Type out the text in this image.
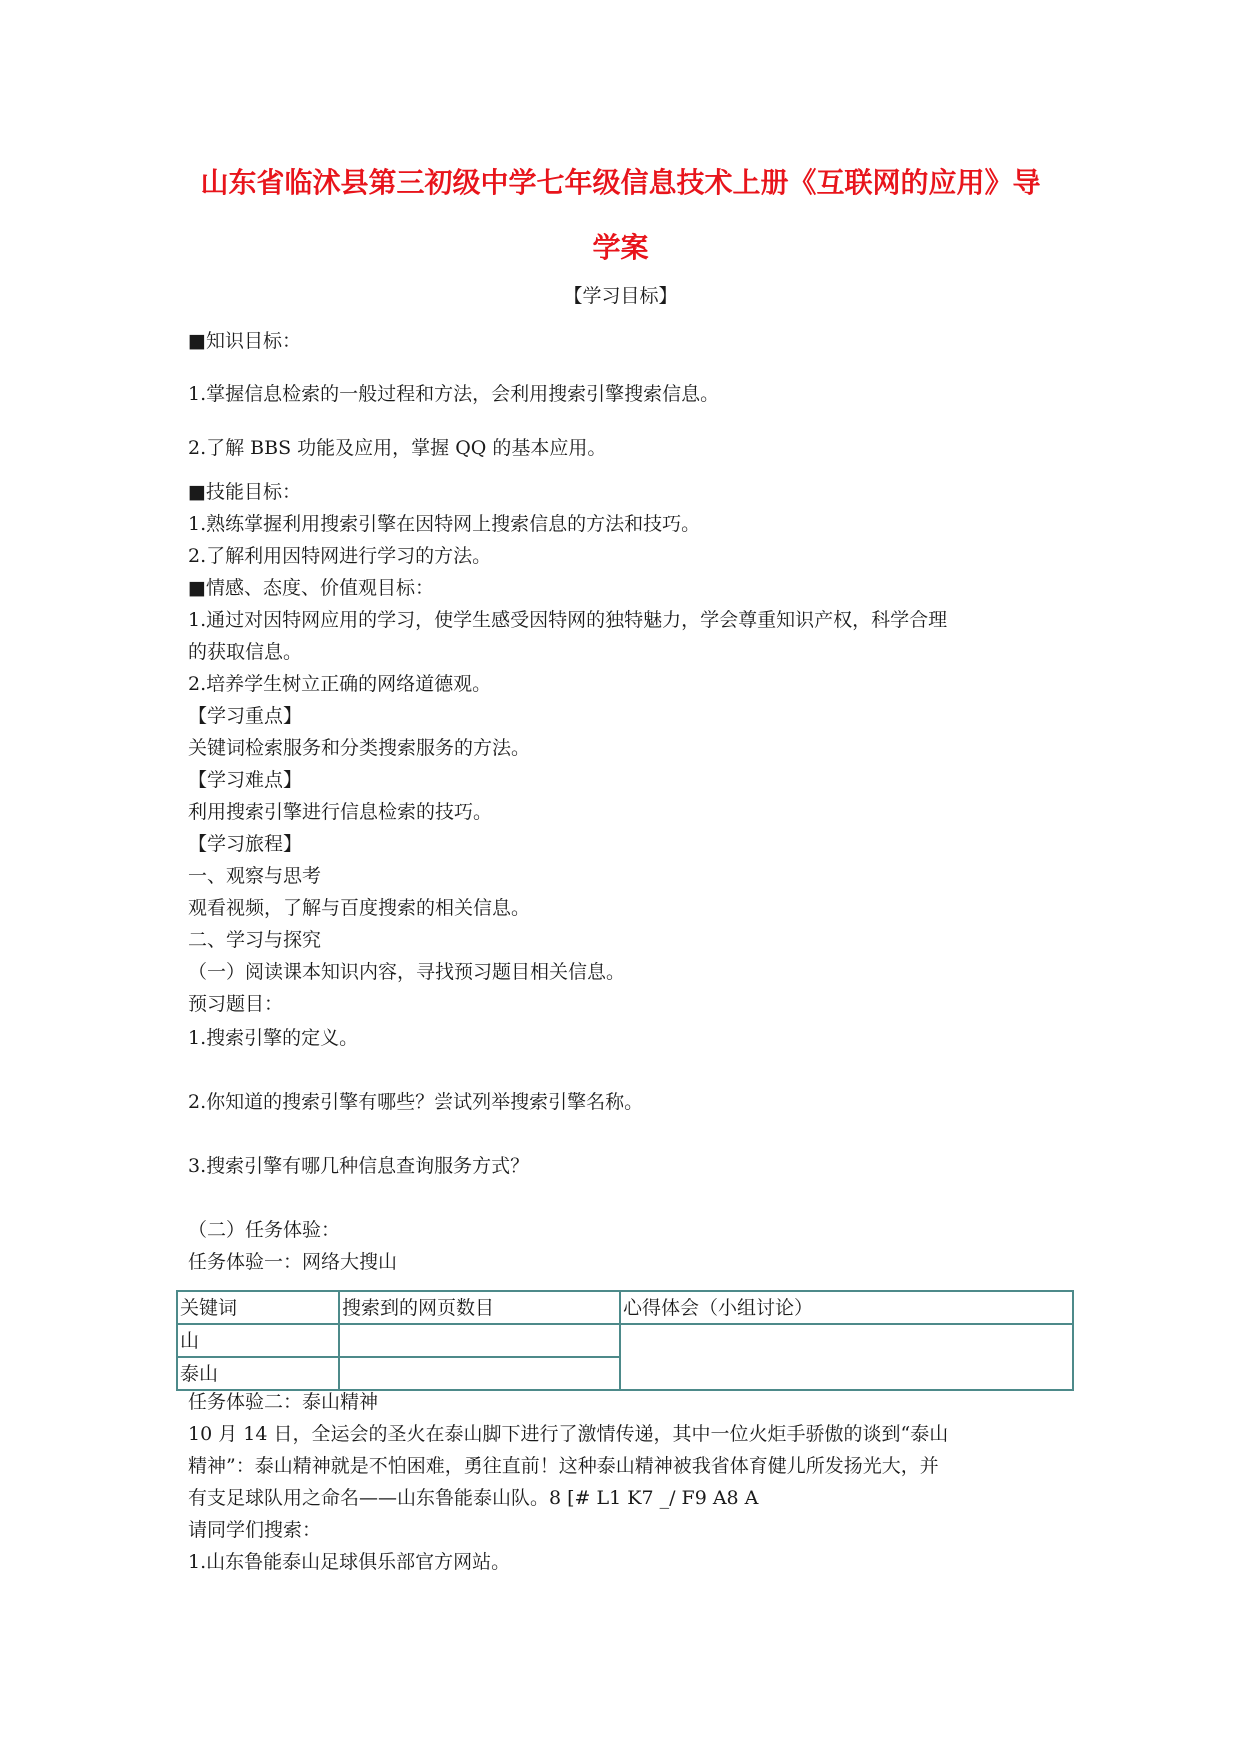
山东省临沭县第三初级中学七年级信息技术上册《互联网的应用》导
学案
【学习目标】
■知识目标：
1.掌握信息检索的一般过程和方法，会利用搜索引擎搜索信息。
2.了解 BBS 功能及应用，掌握 QQ 的基本应用。
■技能目标：
1.熟练掌握利用搜索引擎在因特网上搜索信息的方法和技巧。
2.了解利用因特网进行学习的方法。
■情感、态度、价值观目标：
1.通过对因特网应用的学习，使学生感受因特网的独特魅力，学会尊重知识产权，科学合理
的获取信息。
2.培养学生树立正确的网络道德观。
【学习重点】
关键词检索服务和分类搜索服务的方法。
【学习难点】
利用搜索引擎进行信息检索的技巧。
【学习旅程】
一、观察与思考
观看视频，了解与百度搜索的相关信息。
二、学习与探究
（一）阅读课本知识内容，寻找预习题目相关信息。
预习题目：
1.搜索引擎的定义。
2.你知道的搜索引擎有哪些？尝试列举搜索引擎名称。
3.搜索引擎有哪几种信息查询服务方式？
（二）任务体验：
任务体验一：网络大搜山
关键词	搜索到的网页数目	心得体会（小组讨论）
山		
泰山		
任务体验二：泰山精神
10 月 14 日，全运会的圣火在泰山脚下进行了激情传递，其中一位火炬手骄傲的谈到“泰山
精神”：泰山精神就是不怕困难，勇往直前！这种泰山精神被我省体育健儿所发扬光大，并
有支足球队用之命名——山东鲁能泰山队。8 [# L1 K7 _/ F9 A8 A
请同学们搜索：
1.山东鲁能泰山足球俱乐部官方网站。
